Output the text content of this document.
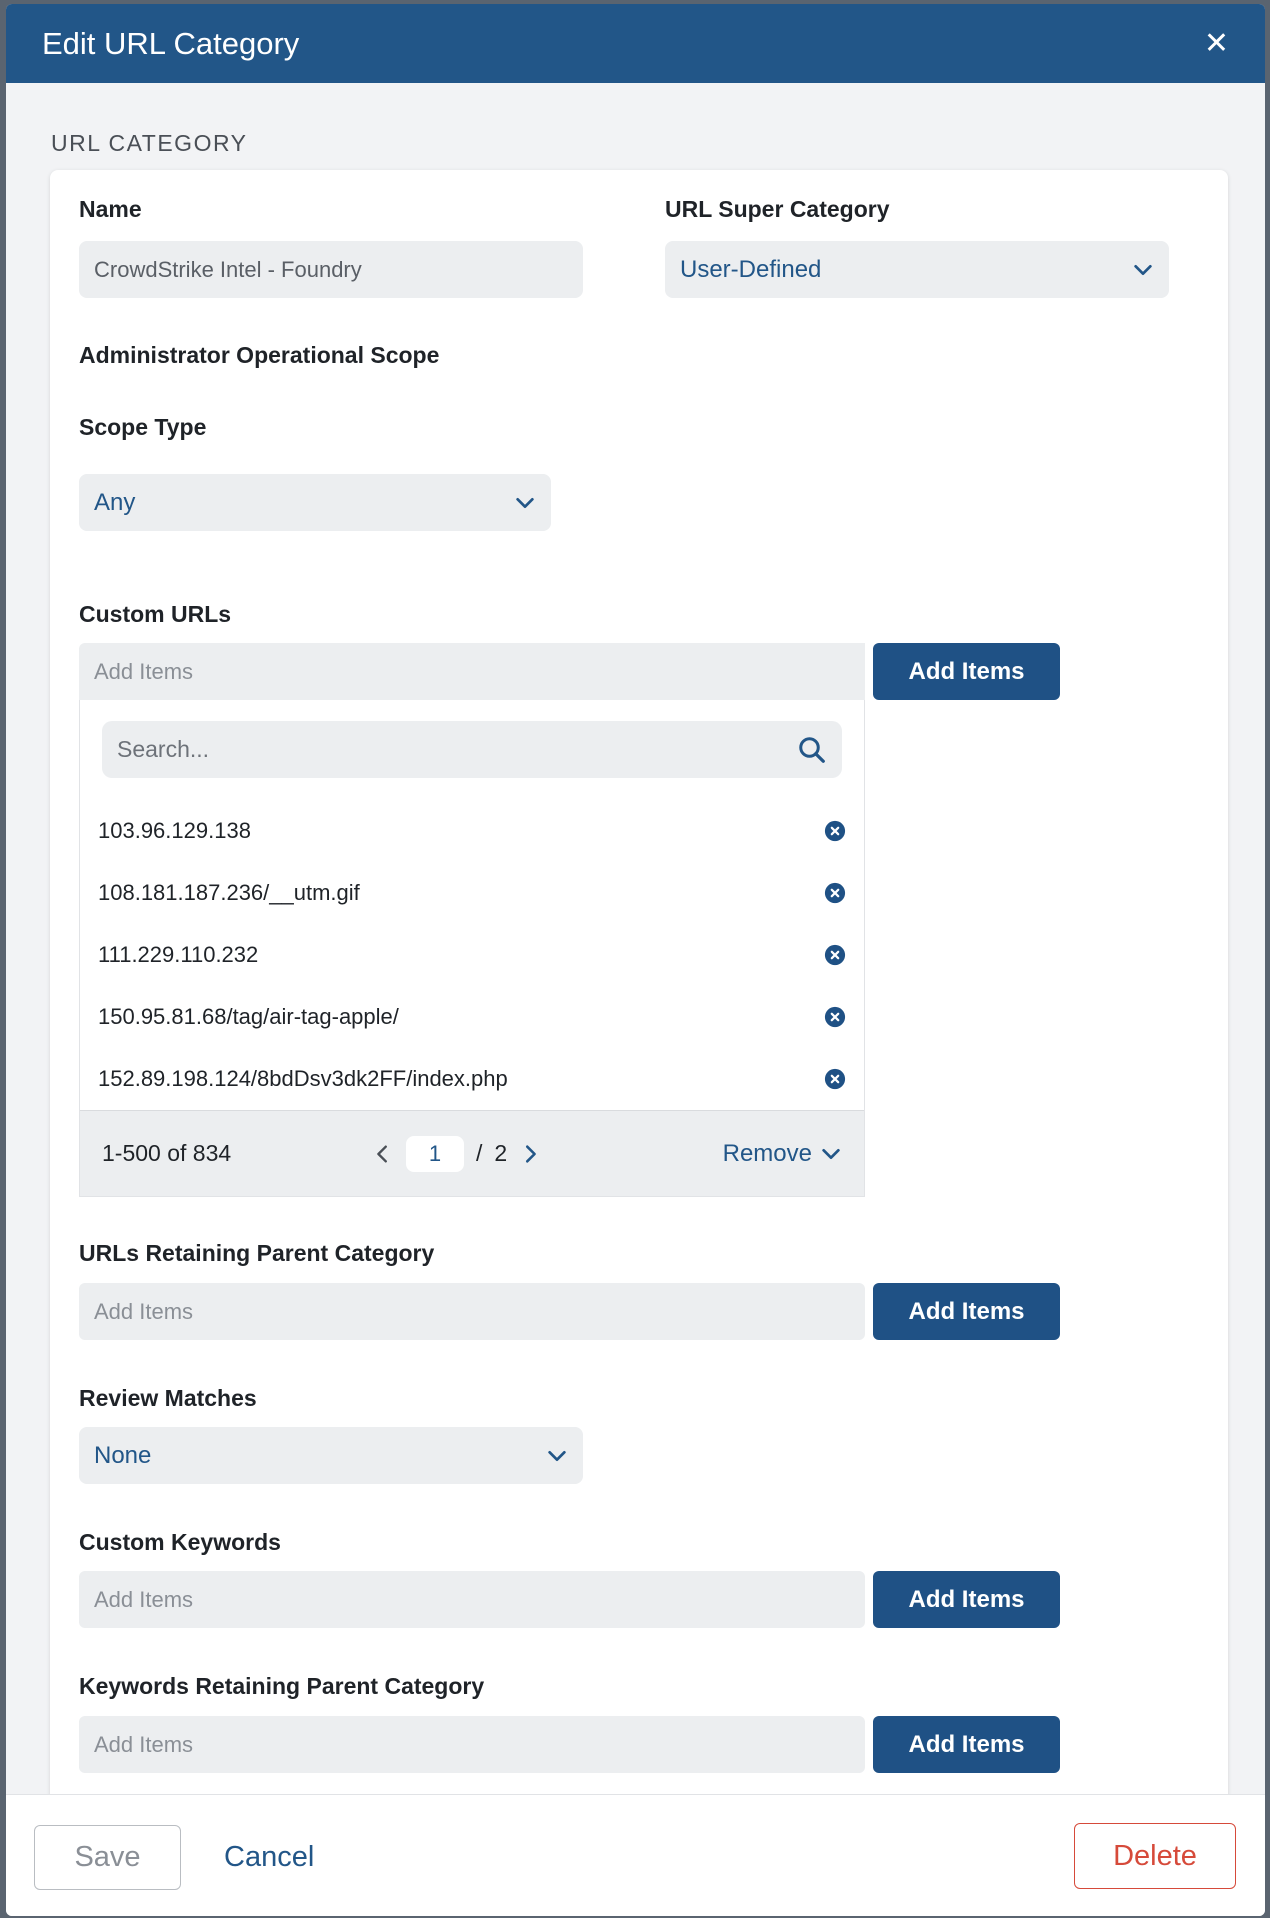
Edit URL Category	✕
URL CATEGORY
Name
CrowdStrike Intel - Foundry
URL Super Category
User-Defined
Administrator Operational Scope
Scope Type
Any
Custom URLs
Add Items	Add Items
Search...
103.96.129.138
108.181.187.236/__utm.gif
111.229.110.232
150.95.81.68/tag/air-tag-apple/
152.89.198.124/8bdDsv3dk2FF/index.php
1-500 of 834	1	/ 2	Remove
URLs Retaining Parent Category
Add Items	Add Items
Review Matches
None
Custom Keywords
Add Items	Add Items
Keywords Retaining Parent Category
Add Items	Add Items
Save	Cancel	Delete
